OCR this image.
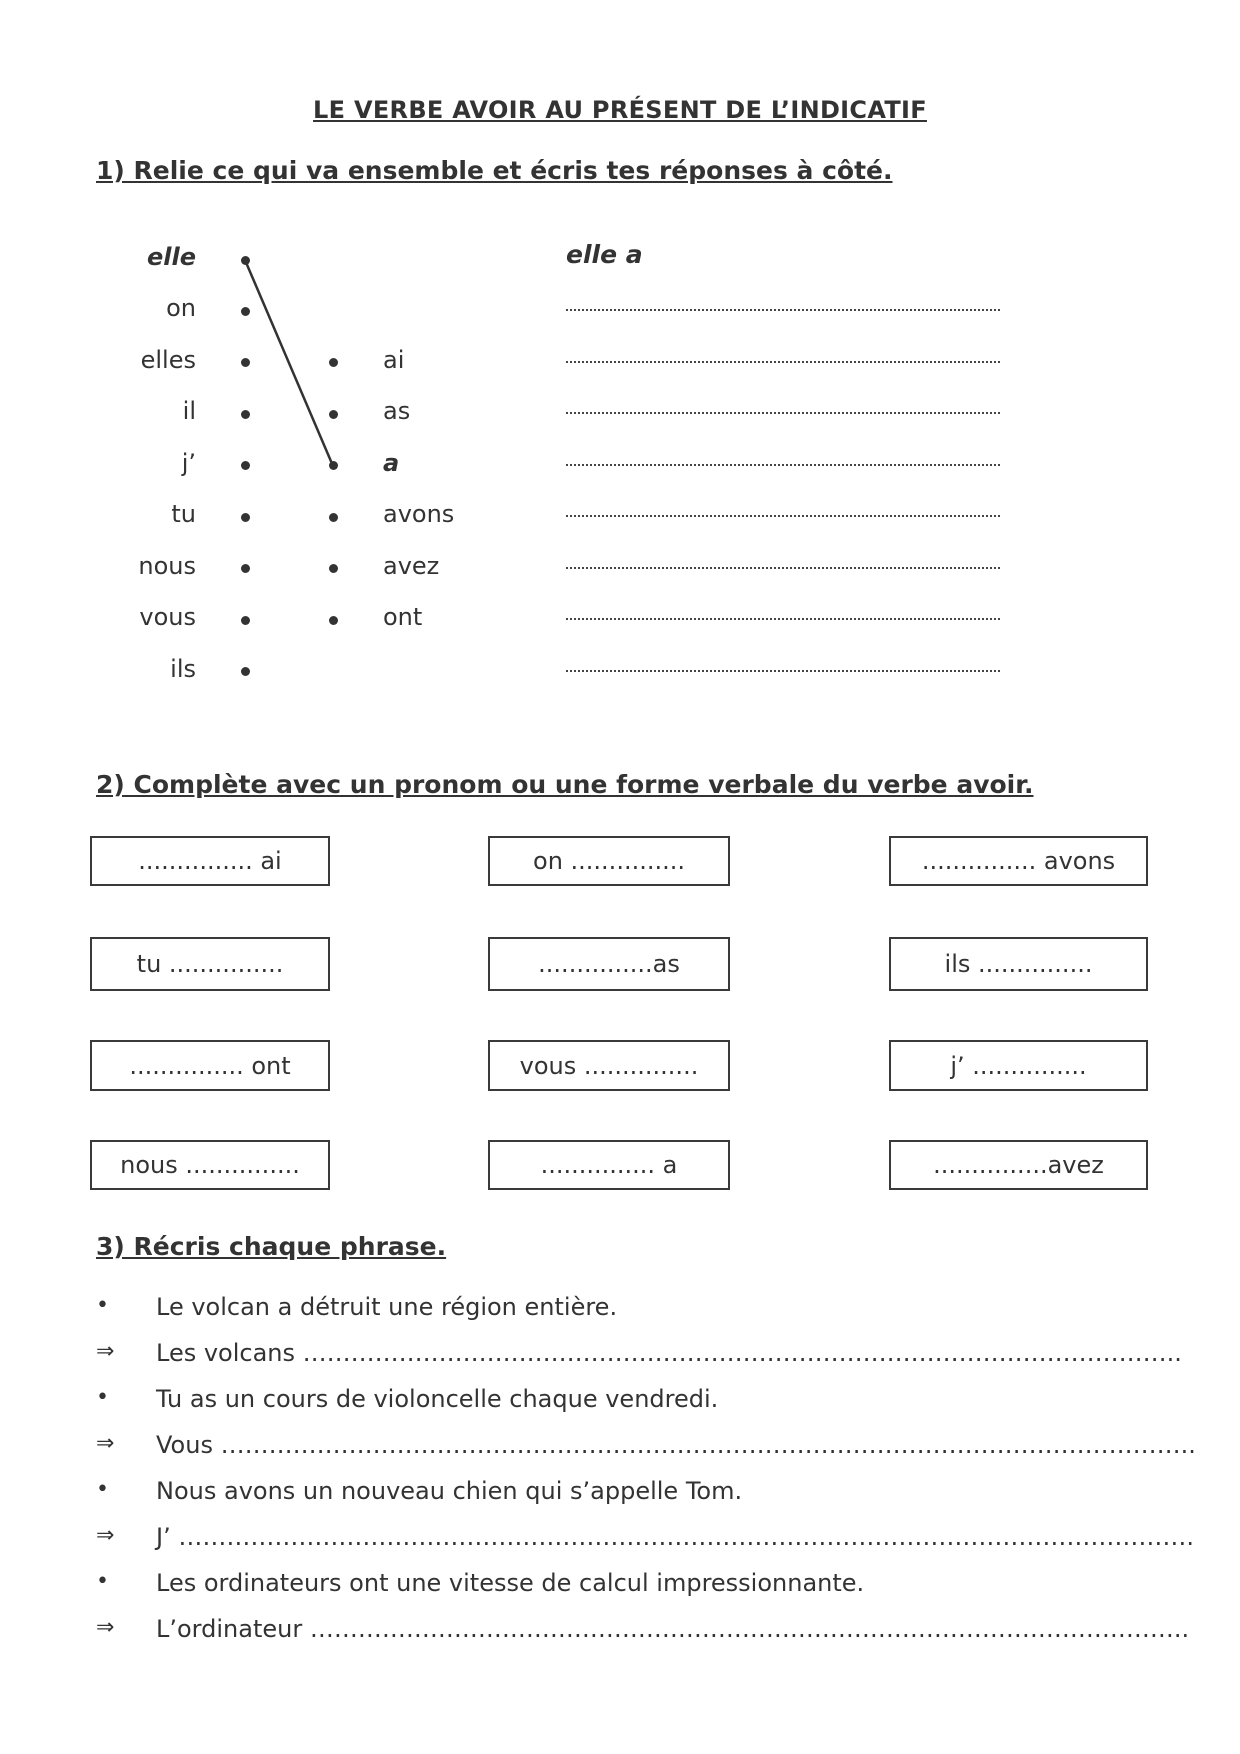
LE VERBE AVOIR AU PRÉSENT DE L’INDICATIF
1) Relie ce qui va ensemble et écris tes réponses à côté.
elle
on
elles
il
j’
tu
nous
vous
ils
ai
as
a
avons
avez
ont
elle a
2) Complète avec un pronom ou une forme verbale du verbe avoir.
............... ai	on ...............	............... avons
tu ...............	...............as	ils ...............
............... ont	vous ...............	j’ ...............
nous ...............	............... a	...............avez
3) Récris chaque phrase.
•	Le volcan a détruit une région entière.
⇒	Les volcans ………………………………………………………………………………………………..
•	Tu as un cours de violoncelle chaque vendredi.
⇒	Vous …………………………………………………………………………………………………………..
•	Nous avons un nouveau chien qui s’appelle Tom.
⇒	J’ ……………………………………………………………………………………………………………….
•	Les ordinateurs ont une vitesse de calcul impressionnante.
⇒	L’ordinateur ………………………………………………………………………………………………..
